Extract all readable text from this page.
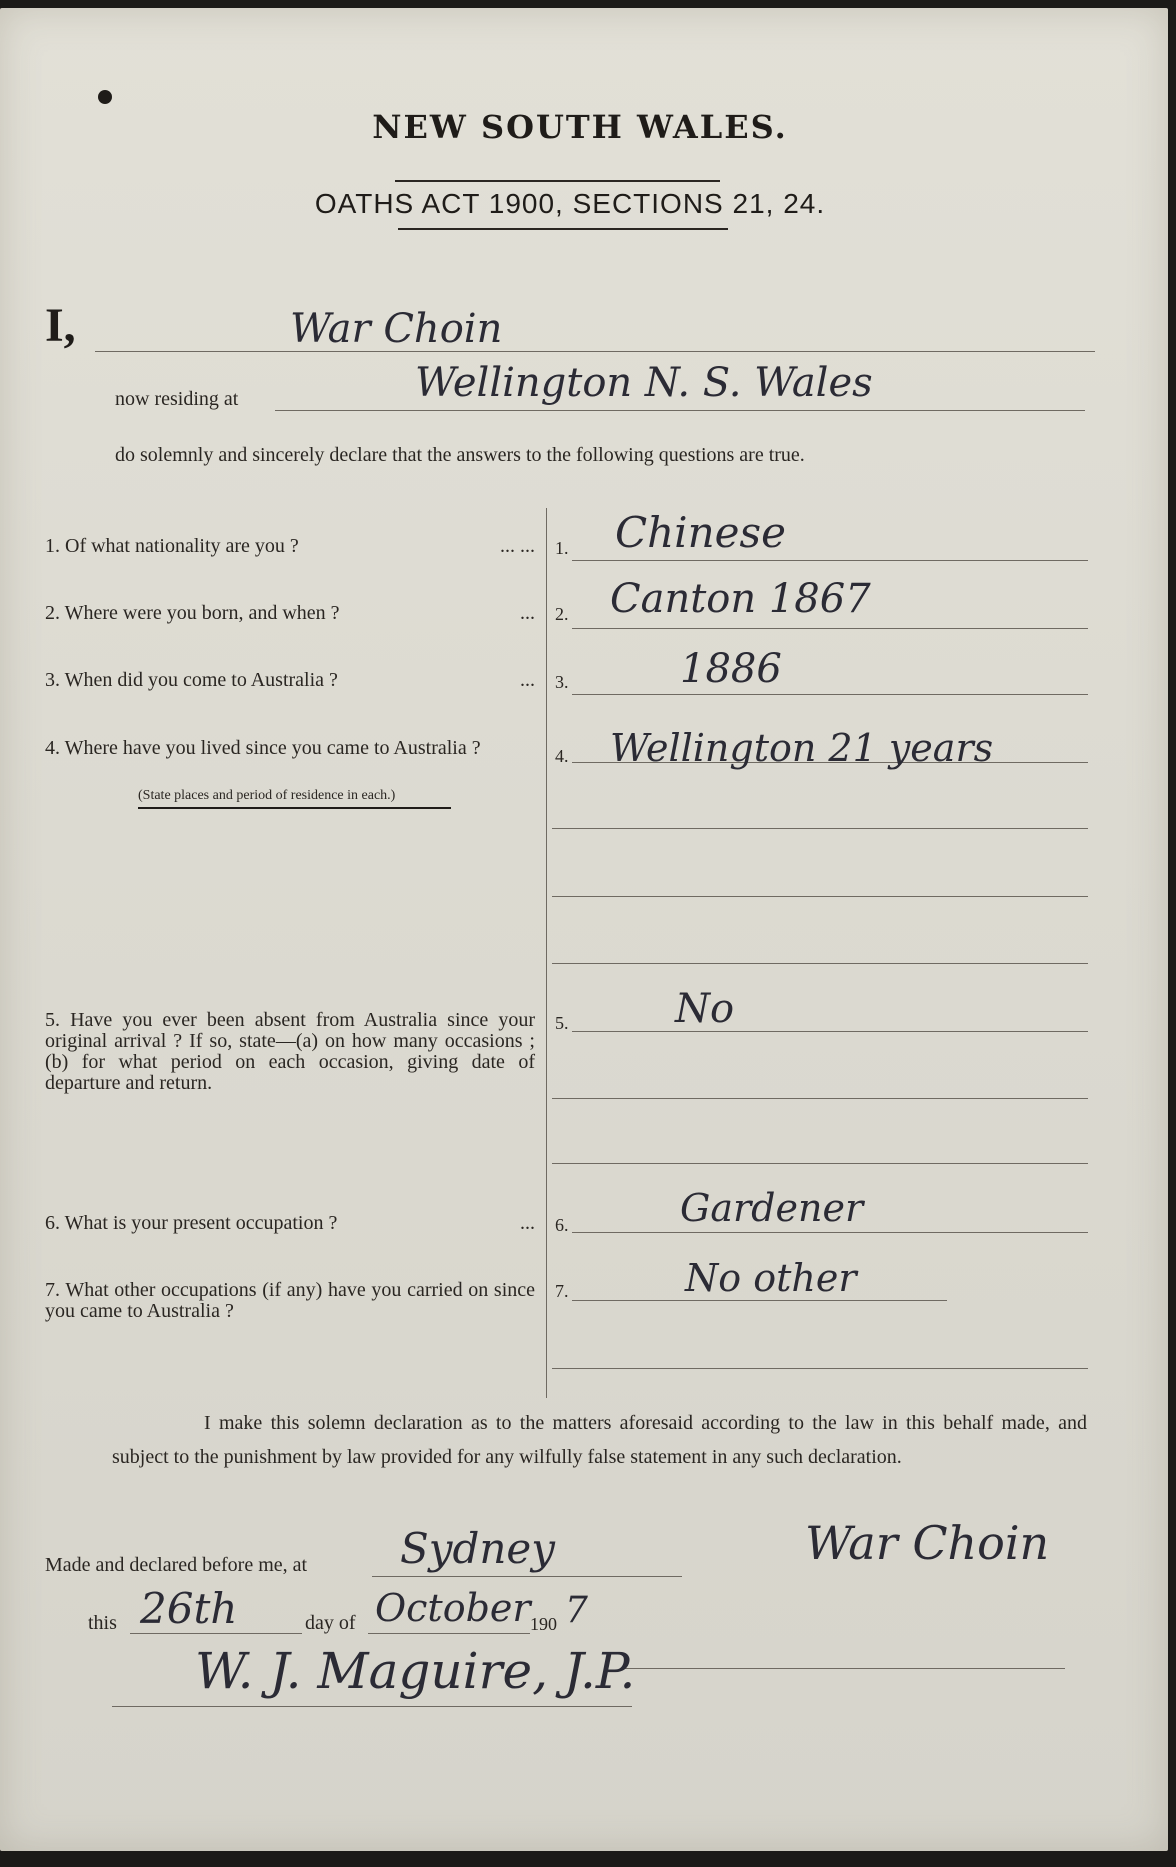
NEW SOUTH WALES.
OATHS ACT 1900, SECTIONS 21, 24.
I,	War Choin
now residing at	Wellington N. S. Wales
do solemnly and sincerely declare that the answers to the following questions are true.
1. Of what nationality are you ?	... ... 1. Chinese
2. Where were you born, and when ?	... 2. Canton 1867
3. When did you come to Australia ?	... 3.	1886
4. Where have you lived since you came to Australia ?
(State places and period of residence in each.)
4. Wellington 21 years
5. Have you ever been absent from Australia since your original arrival ? If so, state—(a) on how many occasions ; (b) for what period on each occasion, giving date of departure and return.
5.	No
6. What is your present occupation ?	... 6.	Gardener
7. What other occupations (if any) have you carried on since you came to Australia ?
7.	No other
I make this solemn declaration as to the matters aforesaid according to the law in this behalf made, and subject to the punishment by law provided for any wilfully false statement in any such declaration.
Made and declared before me, at Sydney	War Choin
this 26th	day of October 190 7
W. J. Maguire, J.P.
